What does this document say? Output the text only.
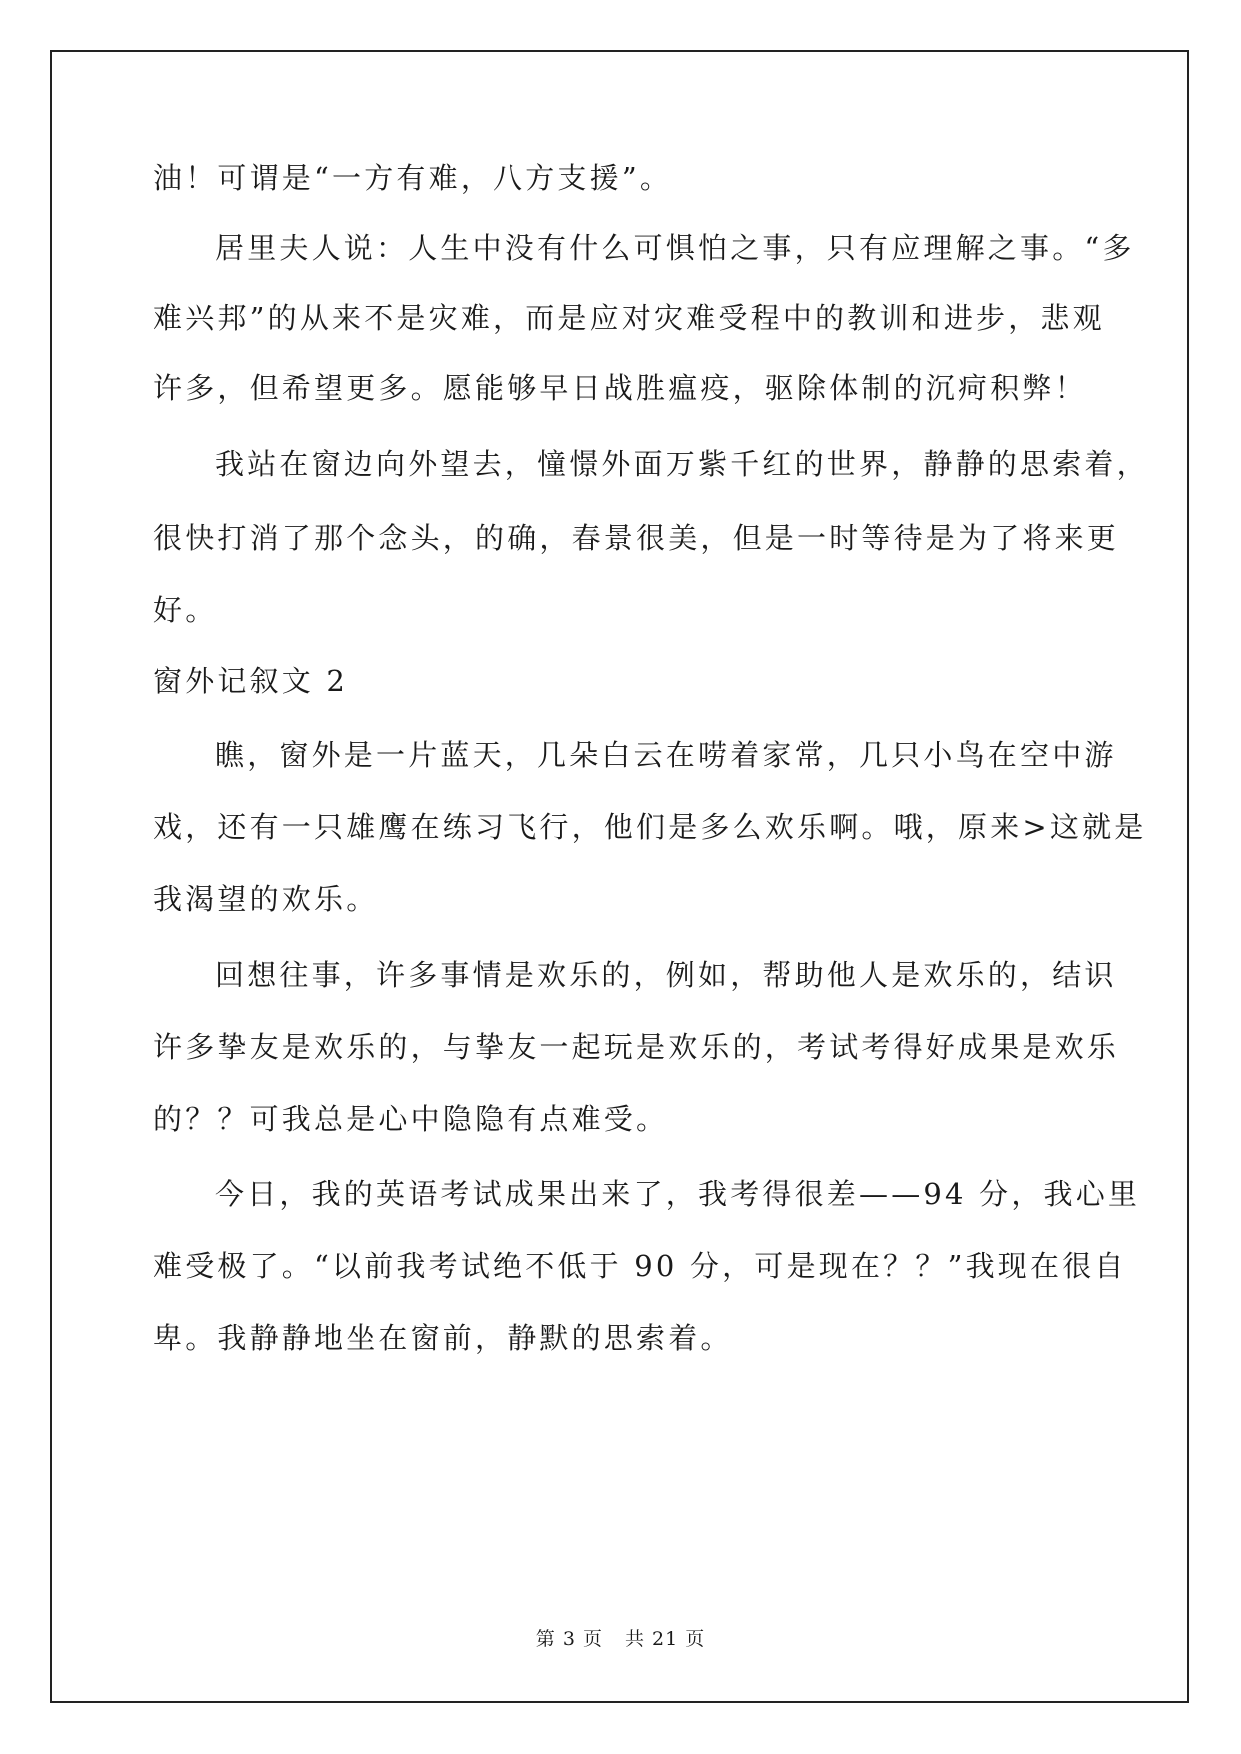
油！可谓是“一方有难，八方支援”。
居里夫人说：人生中没有什么可惧怕之事，只有应理解之事。“多
难兴邦”的从来不是灾难，而是应对灾难受程中的教训和进步，悲观
许多，但希望更多。愿能够早日战胜瘟疫，驱除体制的沉疴积弊！
我站在窗边向外望去，憧憬外面万紫千红的世界，静静的思索着，
很快打消了那个念头，的确，春景很美，但是一时等待是为了将来更
好。
窗外记叙文 2
瞧，窗外是一片蓝天，几朵白云在唠着家常，几只小鸟在空中游
戏，还有一只雄鹰在练习飞行，他们是多么欢乐啊。哦，原来>这就是
我渴望的欢乐。
回想往事，许多事情是欢乐的，例如，帮助他人是欢乐的，结识
许多挚友是欢乐的，与挚友一起玩是欢乐的，考试考得好成果是欢乐
的？？可我总是心中隐隐有点难受。
今日，我的英语考试成果出来了，我考得很差——94 分，我心里
难受极了。“以前我考试绝不低于 90 分，可是现在？？”我现在很自
卑。我静静地坐在窗前，静默的思索着。
第 3 页 共 21 页
